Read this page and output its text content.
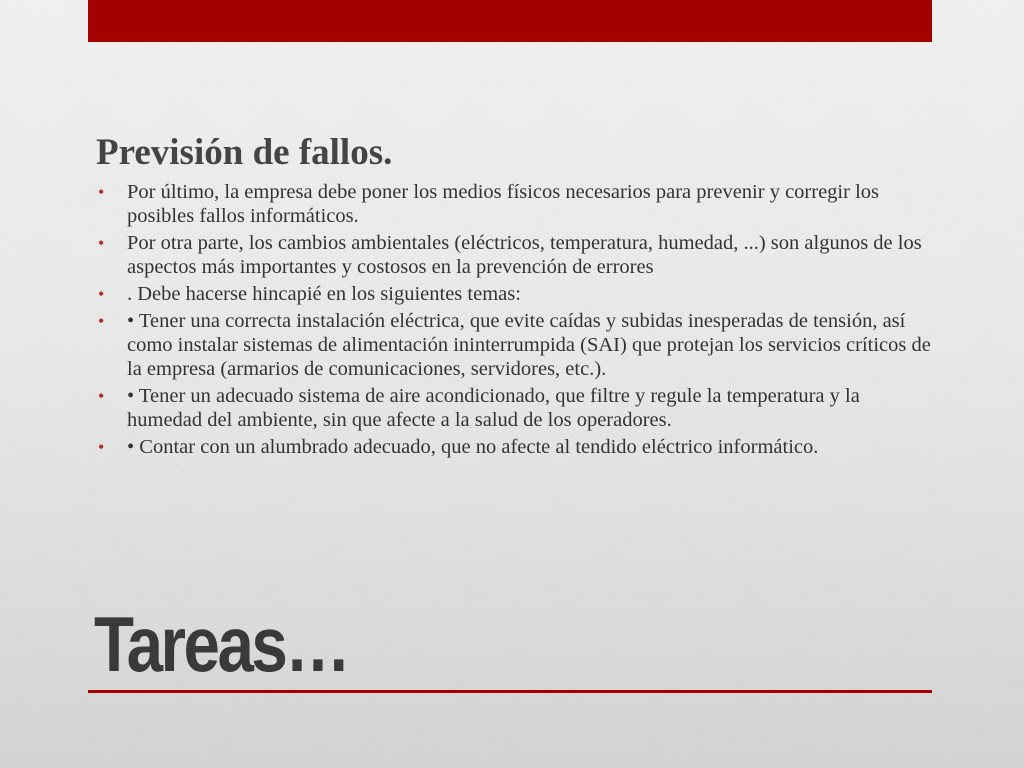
Previsión de fallos.
• Por último, la empresa debe poner los medios físicos necesarios para prevenir y corregir los posibles fallos informáticos.
• Por otra parte, los cambios ambientales (eléctricos, temperatura, humedad, ...) son algunos de los aspectos más importantes y costosos en la prevención de errores
• . Debe hacerse hincapié en los siguientes temas:
• • Tener una correcta instalación eléctrica, que evite caídas y subidas inesperadas de tensión, así como instalar sistemas de alimentación ininterrumpida (SAI) que protejan los servicios críticos de la empresa (armarios de comunicaciones, servidores, etc.).
• • Tener un adecuado sistema de aire acondicionado, que filtre y regule la temperatura y la humedad del ambiente, sin que afecte a la salud de los operadores.
• • Contar con un alumbrado adecuado, que no afecte al tendido eléctrico informático.
Tareas…
